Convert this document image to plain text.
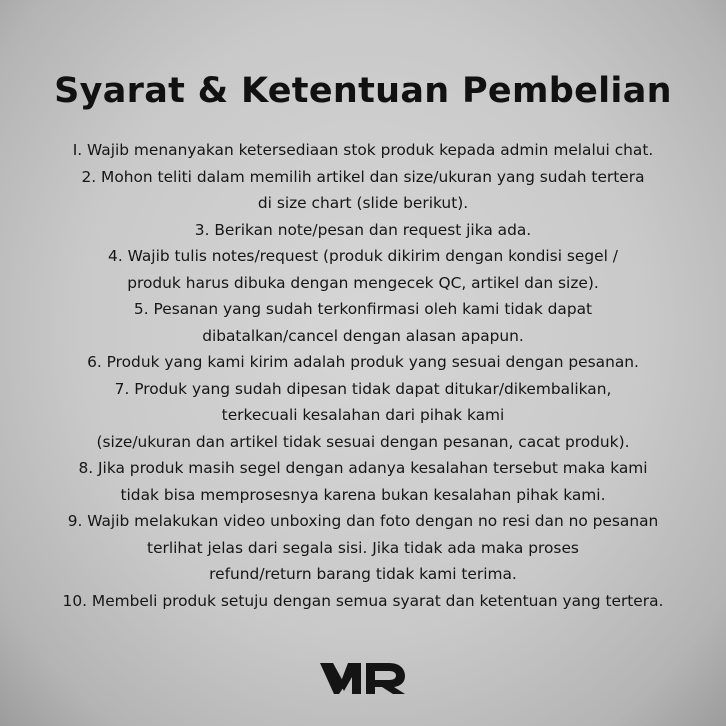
Syarat & Ketentuan Pembelian
I. Wajib menanyakan ketersediaan stok produk kepada admin melalui chat.
2. Mohon teliti dalam memilih artikel dan size/ukuran yang sudah tertera
di size chart (slide berikut).
3. Berikan note/pesan dan request jika ada.
4. Wajib tulis notes/request (produk dikirim dengan kondisi segel /
produk harus dibuka dengan mengecek QC, artikel dan size).
5. Pesanan yang sudah terkonfirmasi oleh kami tidak dapat
dibatalkan/cancel dengan alasan apapun.
6. Produk yang kami kirim adalah produk yang sesuai dengan pesanan.
7. Produk yang sudah dipesan tidak dapat ditukar/dikembalikan,
terkecuali kesalahan dari pihak kami
(size/ukuran dan artikel tidak sesuai dengan pesanan, cacat produk).
8. Jika produk masih segel dengan adanya kesalahan tersebut maka kami
tidak bisa memprosesnya karena bukan kesalahan pihak kami.
9. Wajib melakukan video unboxing dan foto dengan no resi dan no pesanan
terlihat jelas dari segala sisi. Jika tidak ada maka proses
refund/return barang tidak kami terima.
10. Membeli produk setuju dengan semua syarat dan ketentuan yang tertera.
